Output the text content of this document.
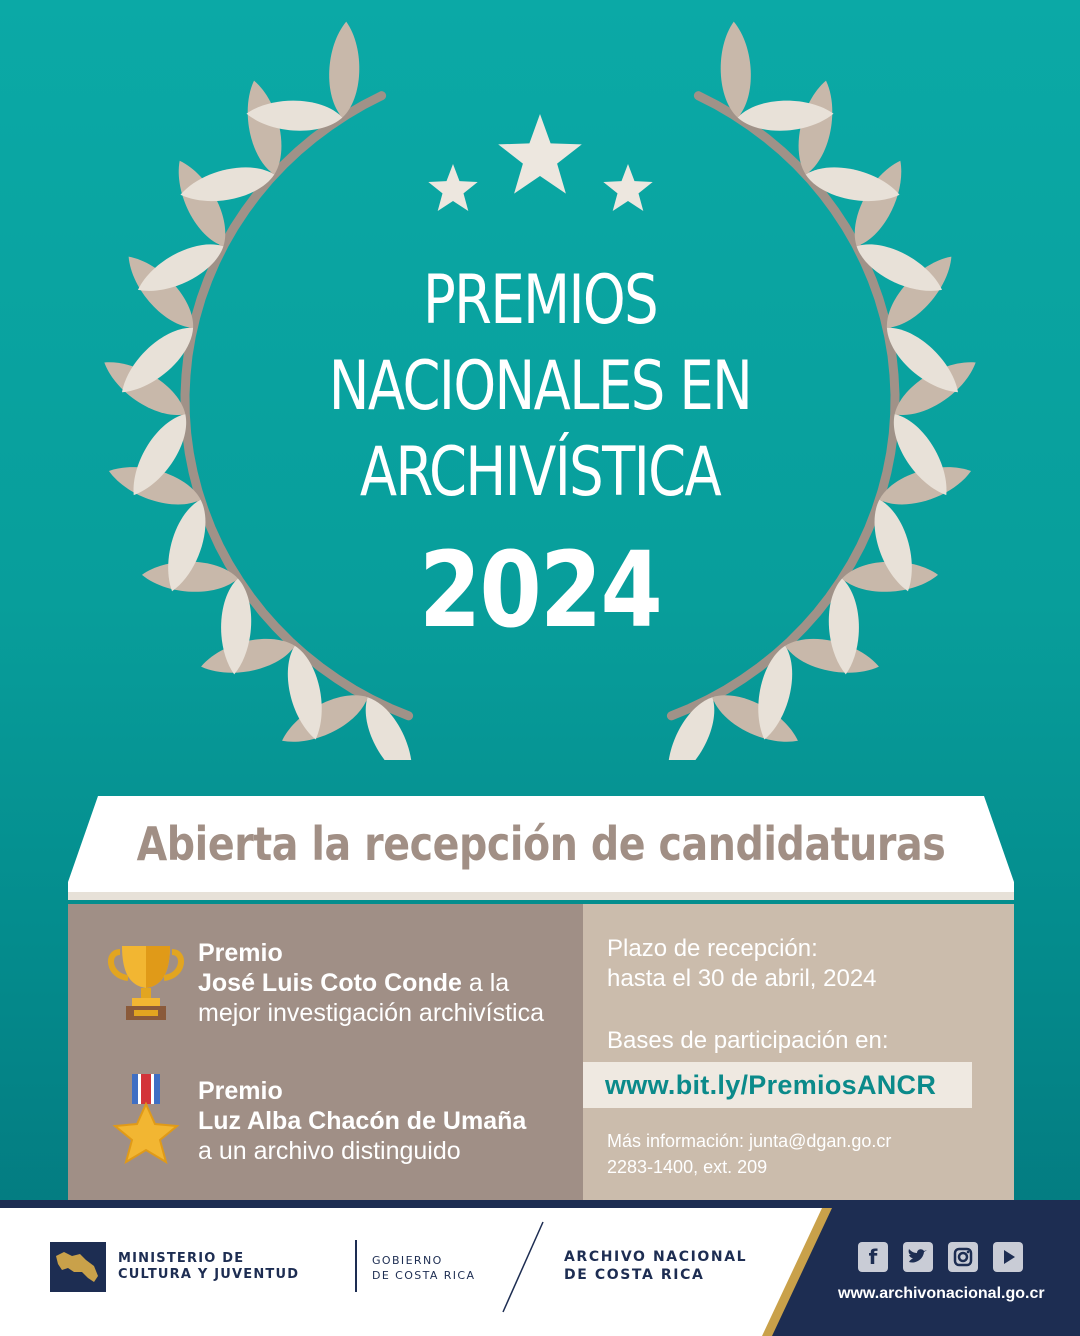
PREMIOS
NACIONALES EN
ARCHIVÍSTICA
2024
Abierta la recepción de candidaturas
Premio
José Luis Coto Conde a la
mejor investigación archivística
Premio
Luz Alba Chacón de Umaña
a un archivo distinguido
Plazo de recepción:
hasta el 30 de abril, 2024
Bases de participación en:
www.bit.ly/PremiosANCR
Más información: junta@dgan.go.cr
2283-1400, ext. 209
MINISTERIO DE
CULTURA Y JUVENTUD
GOBIERNO
DE COSTA RICA
ARCHIVO NACIONAL
DE COSTA RICA
f
www.archivonacional.go.cr
